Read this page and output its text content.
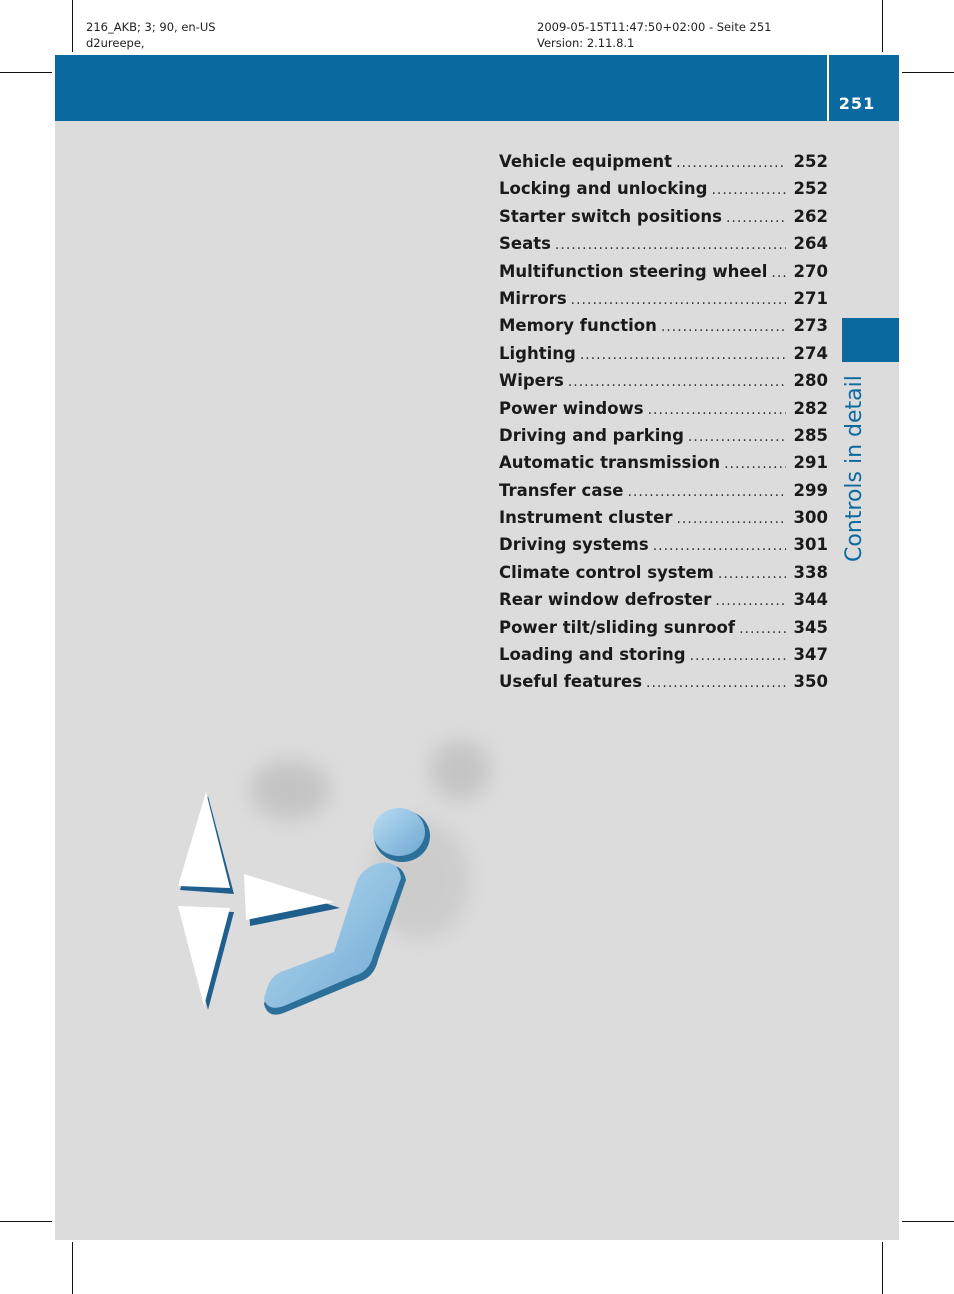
216_AKB; 3; 90, en-US
d2ureepe,
2009-05-15T11:47:50+02:00 - Seite 251
Version: 2.11.8.1
251
Controls in detail
Vehicle equipment .....	252
Locking and unlocking .....	252
Starter switch positions .....	262
Seats .....	264
Multifunction steering wheel ..... 270
Mirrors .....	271
Memory function .....	273
Lighting .....	274
Wipers .....	280
Power windows .....	282
Driving and parking .....	285
Automatic transmission .....	291
Transfer case .....	299
Instrument cluster .....	300
Driving systems .....	301
Climate control system .....	338
Rear window defroster .....	344
Power tilt/sliding sunroof .....	345
Loading and storing .....	347
Useful features .....	350
